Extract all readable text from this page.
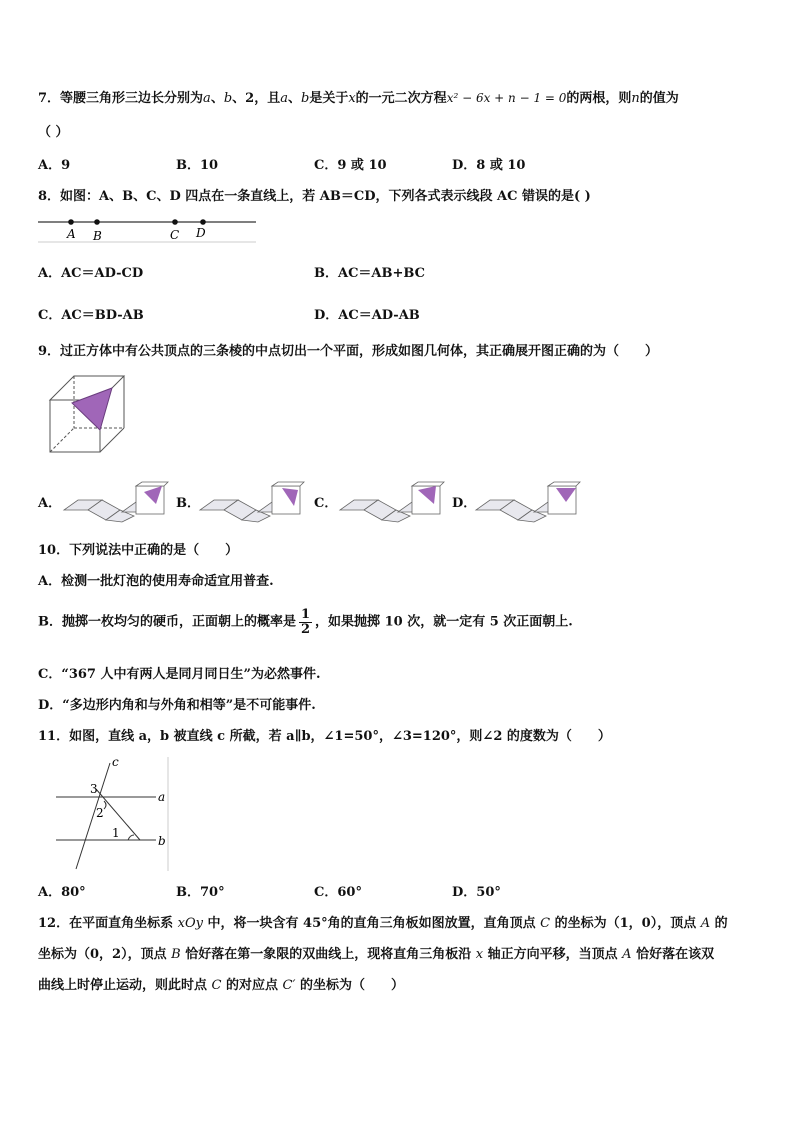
7．等腰三角形三边长分别为a、b、2，且a、b是关于x的一元二次方程x² − 6x + n − 1 = 0的两根，则n的值为
（ ）
A．9	B．10	C．9 或 10	D．8 或 10
8．如图：A、B、C、D 四点在一条直线上，若 AB＝CD，下列各式表示线段 AC 错误的是( )
A B	C D
A．AC＝AD-CD	B．AC＝AB+BC
C．AC＝BD-AB	D．AC＝AD-AB
9．过正方体中有公共顶点的三条棱的中点切出一个平面，形成如图几何体，其正确展开图正确的为（　　）
A．	B．	C．	D．
10．下列说法中正确的是（　　）
A．检测一批灯泡的使用寿命适宜用普查.
B．抛掷一枚均匀的硬币，正面朝上的概率是 $\frac{1}{2}$ ，如果抛掷 10 次，就一定有 5 次正面朝上.
C．“367 人中有两人是同月同日生”为必然事件.
D．“多边形内角和与外角和相等”是不可能事件.
11．如图，直线 a，b 被直线 c 所截，若 a∥b，∠1=50°，∠3=120°，则∠2 的度数为（　　）
c
3
a
2
1
b
A．80°	B．70°	C．60°	D．50°
12．在平面直角坐标系 xOy 中，将一块含有 45°角的直角三角板如图放置，直角顶点 C 的坐标为（1，0），顶点 A 的
坐标为（0，2），顶点 B 恰好落在第一象限的双曲线上，现将直角三角板沿 x 轴正方向平移，当顶点 A 恰好落在该双
曲线上时停止运动，则此时点 C 的对应点 C′ 的坐标为（　　）
